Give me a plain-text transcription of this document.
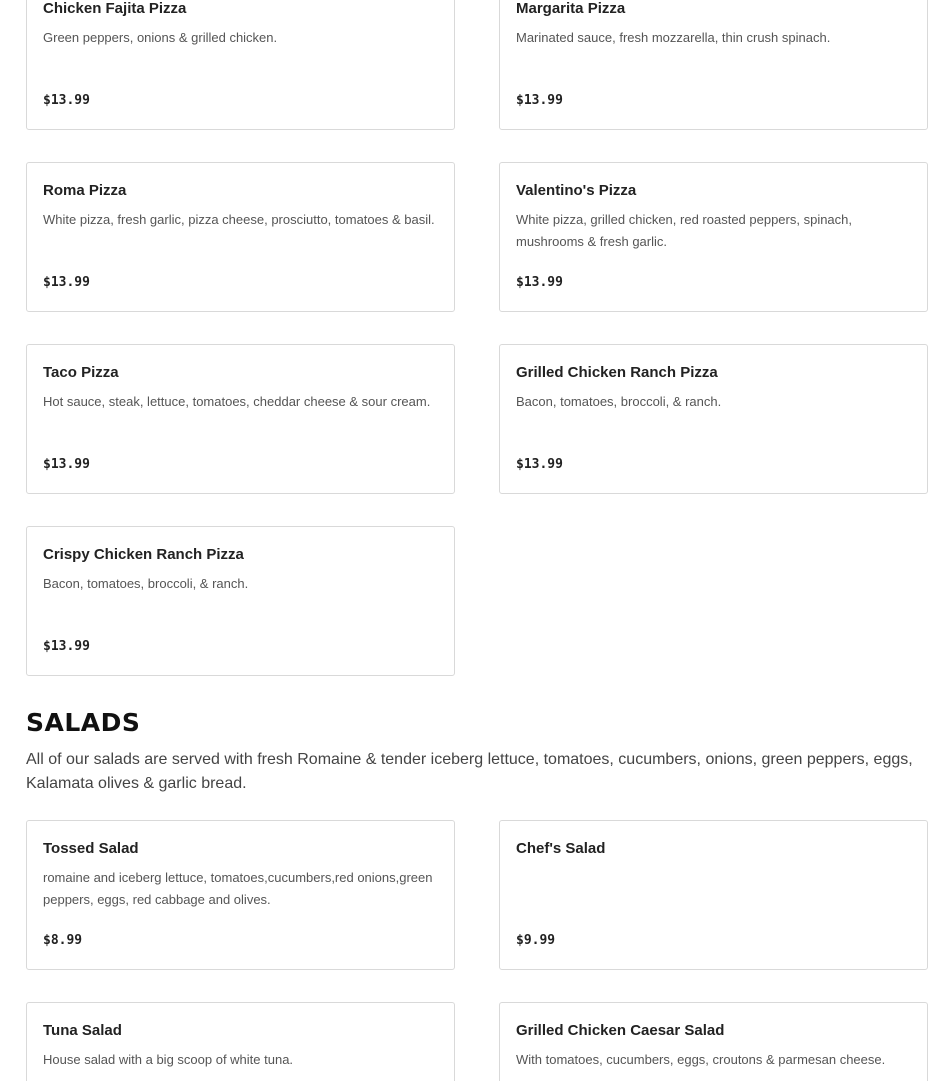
Chicken Fajita Pizza
Green peppers, onions & grilled chicken.
$13.99
Margarita Pizza
Marinated sauce, fresh mozzarella, thin crush spinach.
$13.99
Roma Pizza
White pizza, fresh garlic, pizza cheese, prosciutto, tomatoes & basil.
$13.99
Valentino's Pizza
White pizza, grilled chicken, red roasted peppers, spinach, mushrooms & fresh garlic.
$13.99
Taco Pizza
Hot sauce, steak, lettuce, tomatoes, cheddar cheese & sour cream.
$13.99
Grilled Chicken Ranch Pizza
Bacon, tomatoes, broccoli, & ranch.
$13.99
Crispy Chicken Ranch Pizza
Bacon, tomatoes, broccoli, & ranch.
$13.99
SALADS

All of our salads are served with fresh Romaine & tender iceberg lettuce, tomatoes, cucumbers, onions, green peppers, eggs, Kalamata olives & garlic bread.

Tossed Salad
romaine and iceberg lettuce, tomatoes,cucumbers,red onions,green peppers, eggs, red cabbage and olives.
$8.99
Chef's Salad
$9.99
Tuna Salad
House salad with a big scoop of white tuna.
Grilled Chicken Caesar Salad
With tomatoes, cucumbers, eggs, croutons & parmesan cheese.
